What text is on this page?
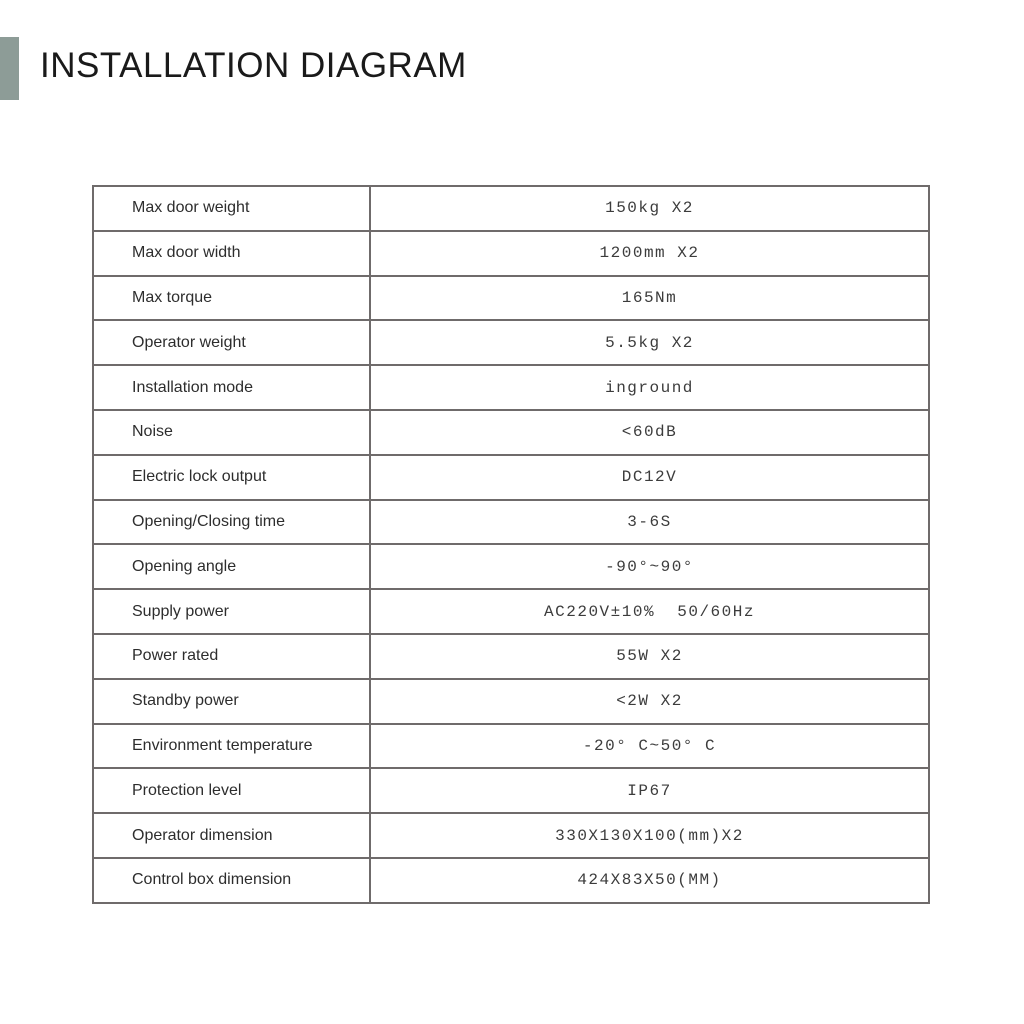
INSTALLATION DIAGRAM
Max door weight	150kg X2
Max door width	1200mm X2
Max torque	165Nm
Operator weight	5.5kg X2
Installation mode	inground
Noise	<60dB
Electric lock output	DC12V
Opening/Closing time	3-6S
Opening angle	-90°~90°
Supply power	AC220V±10%  50/60Hz
Power rated	55W X2
Standby power	<2W X2
Environment temperature	-20° C~50° C
Protection level	IP67
Operator dimension	330X130X100(mm)X2
Control box dimension	424X83X50(MM)
